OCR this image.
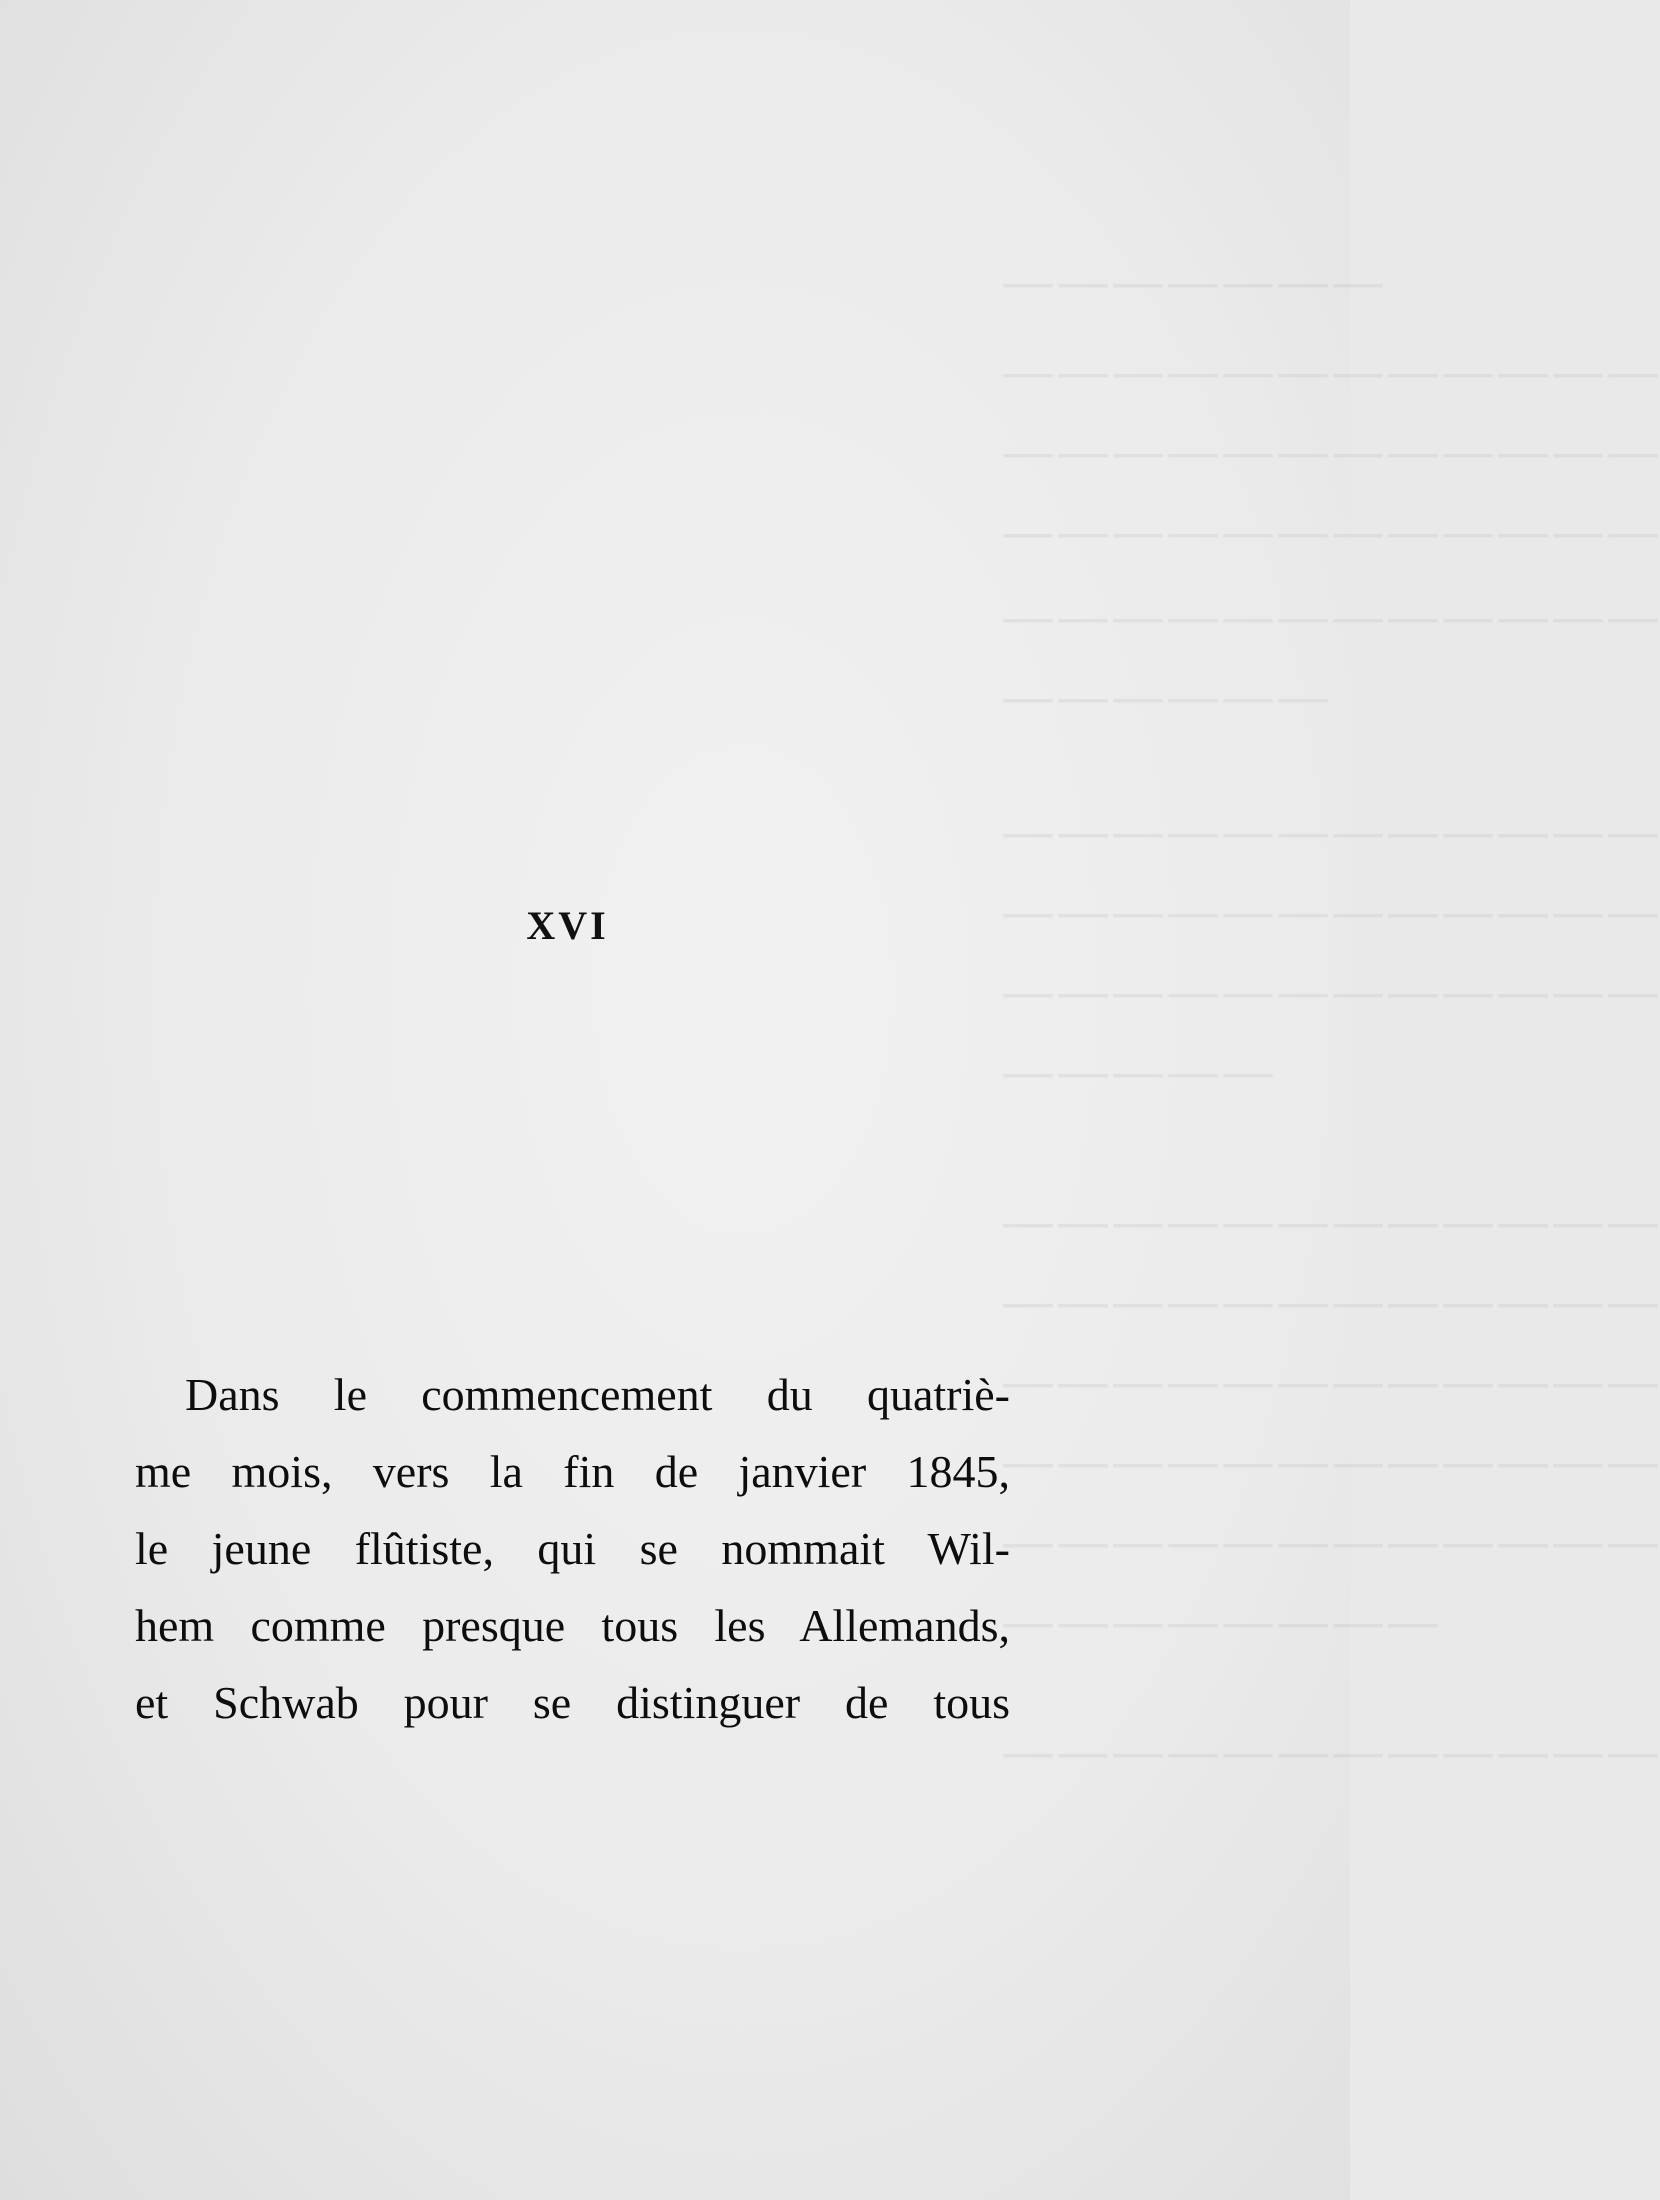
———————
————————————
————————————
————————————
————————————
——————
————————————
————————————
————————————
—————
————————————
————————————
————————————
————————————
————————————
————————
————————————
XVI
Dans le commencement du quatriè-
me mois, vers la fin de janvier 1845,
le jeune flûtiste, qui se nommait Wil-
hem comme presque tous les Allemands,
et Schwab pour se distinguer de tous
